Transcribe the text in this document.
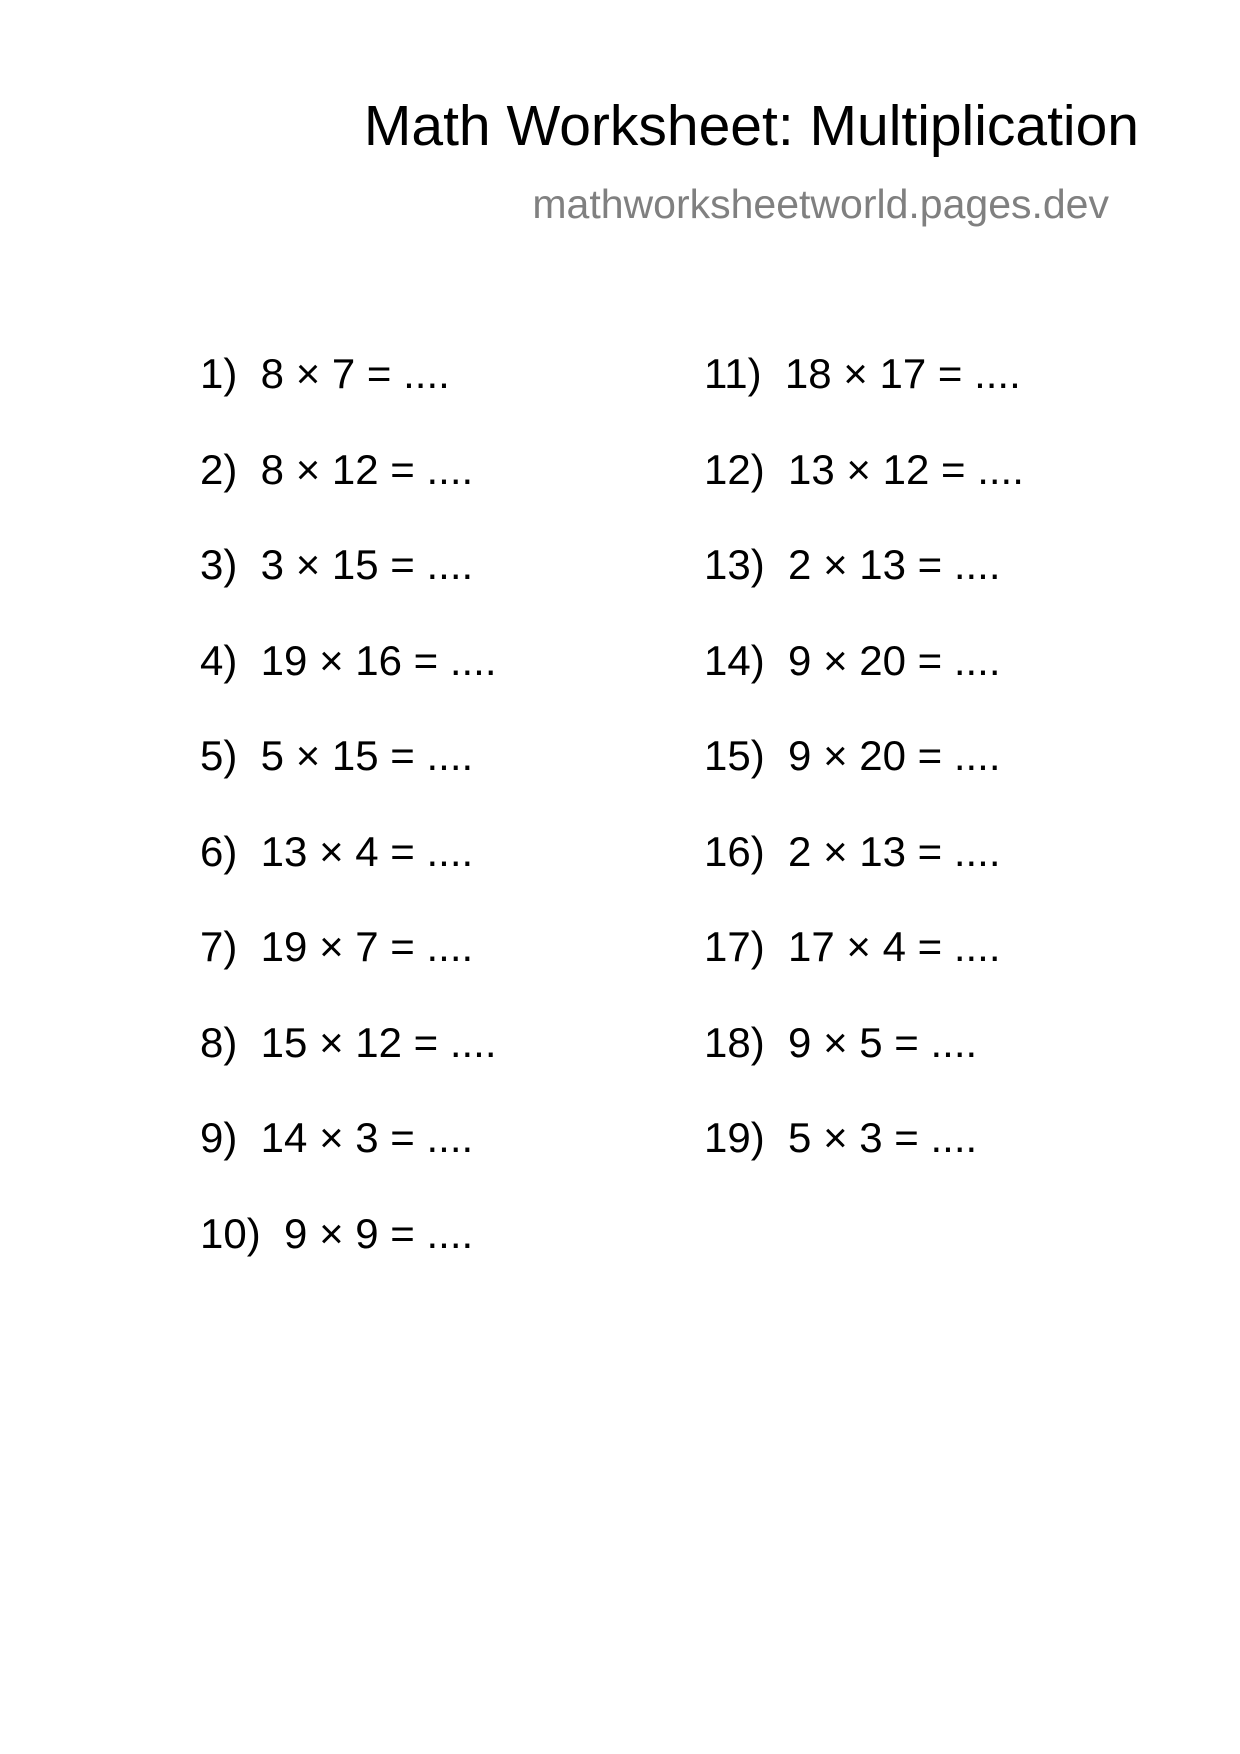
Math Worksheet: Multiplication
mathworksheetworld.pages.dev
1)  8 × 7 = ....
2)  8 × 12 = ....
3)  3 × 15 = ....
4)  19 × 16 = ....
5)  5 × 15 = ....
6)  13 × 4 = ....
7)  19 × 7 = ....
8)  15 × 12 = ....
9)  14 × 3 = ....
10)  9 × 9 = ....
11)  18 × 17 = ....
12)  13 × 12 = ....
13)  2 × 13 = ....
14)  9 × 20 = ....
15)  9 × 20 = ....
16)  2 × 13 = ....
17)  17 × 4 = ....
18)  9 × 5 = ....
19)  5 × 3 = ....
